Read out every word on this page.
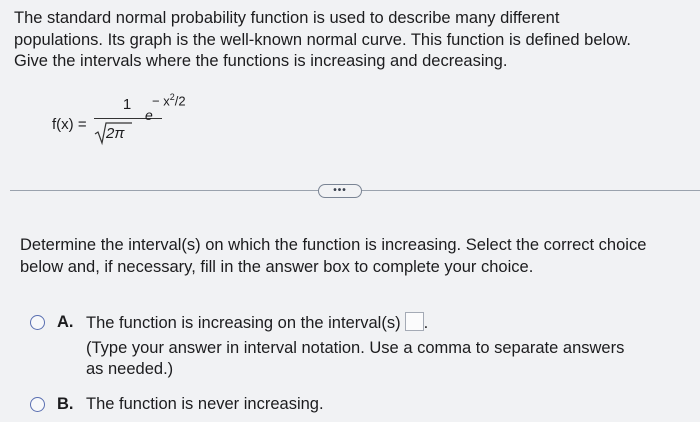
The standard normal probability function is used to describe many different
populations. Its graph is the well-known normal curve. This function is defined below.
Give the intervals where the functions is increasing and decreasing.
f(x) =
1
2π
e
− $x^2/2$
•••
Determine the interval(s) on which the function is increasing. Select the correct choice
below and, if necessary, fill in the answer box to complete your choice.
A. The function is increasing on the interval(s) .
(Type your answer in interval notation. Use a comma to separate answers
as needed.)
B. The function is never increasing.
